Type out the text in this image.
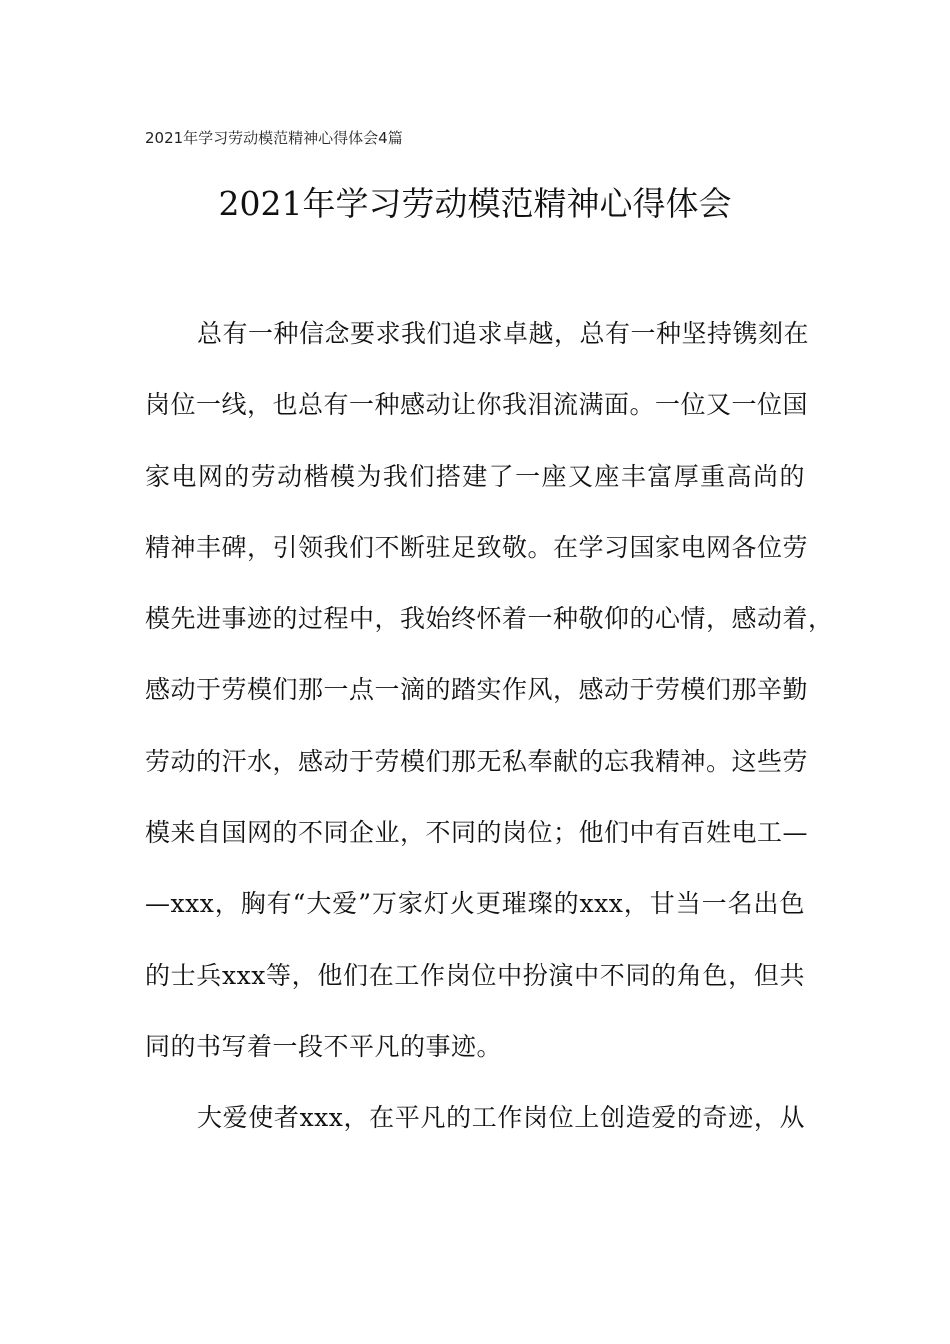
2021年学习劳动模范精神心得体会4篇
2021年学习劳动模范精神心得体会
总有一种信念要求我们追求卓越，总有一种坚持镌刻在
岗位一线，也总有一种感动让你我泪流满面。一位又一位国
家电网的劳动楷模为我们搭建了一座又座丰富厚重高尚的
精神丰碑，引领我们不断驻足致敬。在学习国家电网各位劳
模先进事迹的过程中，我始终怀着一种敬仰的心情，感动着，
感动于劳模们那一点一滴的踏实作风，感动于劳模们那辛勤
劳动的汗水，感动于劳模们那无私奉献的忘我精神。这些劳
模来自国网的不同企业，不同的岗位；他们中有百姓电工—
—xxx，胸有“大爱”万家灯火更璀璨的xxx，甘当一名出色
的士兵xxx等，他们在工作岗位中扮演中不同的角色，但共
同的书写着一段不平凡的事迹。
大爱使者xxx，在平凡的工作岗位上创造爱的奇迹，从
